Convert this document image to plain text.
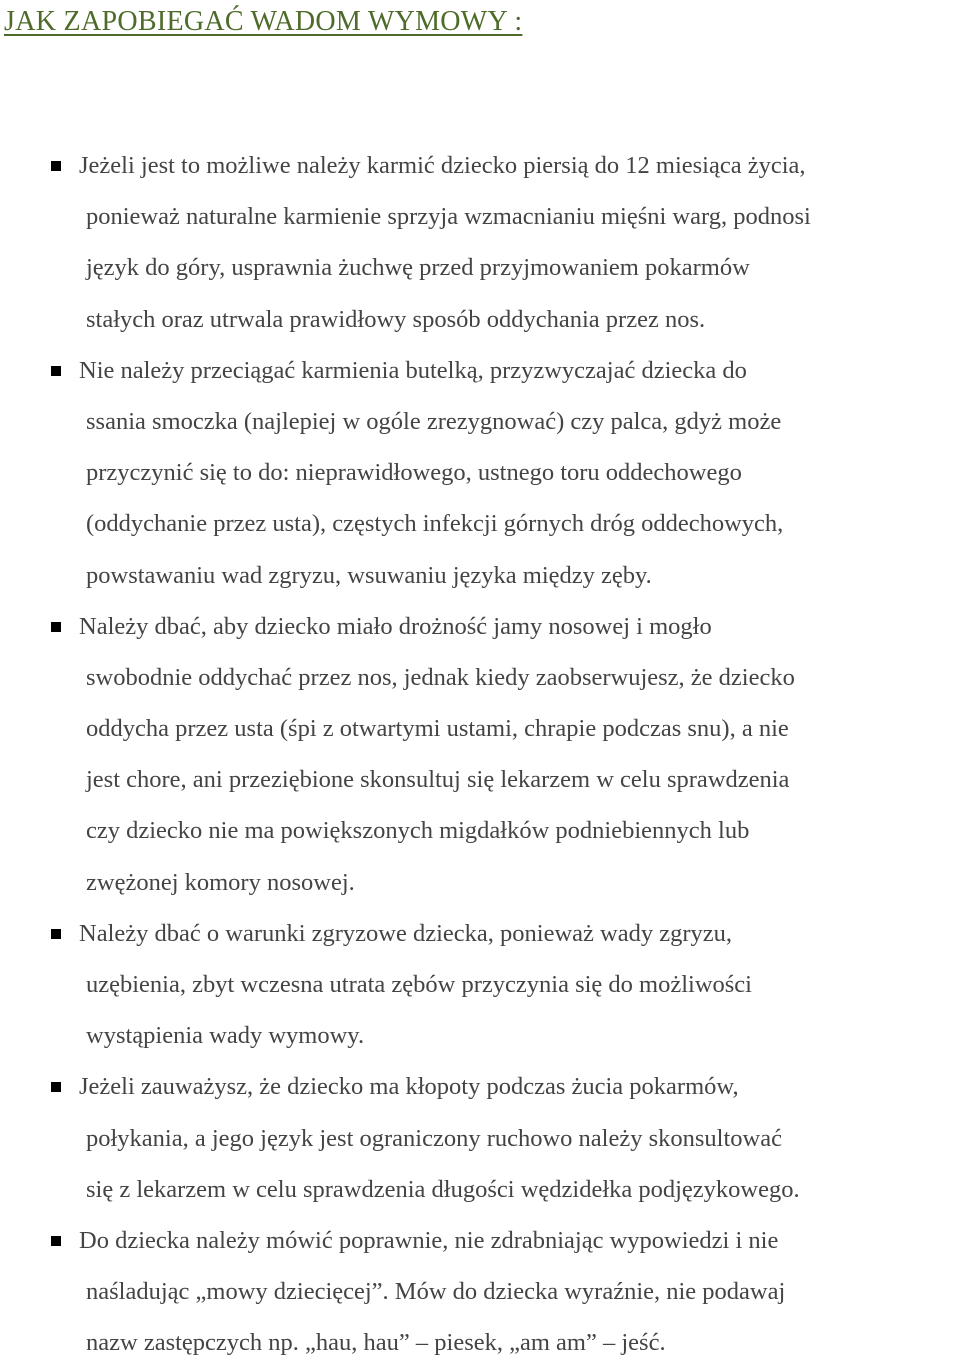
JAK ZAPOBIEGAĆ WADOM WYMOWY :
Jeżeli jest to możliwe należy karmić dziecko piersią do 12 miesiąca życia,
ponieważ naturalne karmienie sprzyja wzmacnianiu mięśni warg, podnosi
język do góry, usprawnia żuchwę przed przyjmowaniem pokarmów
stałych oraz utrwala prawidłowy sposób oddychania przez nos.
Nie należy przeciągać karmienia butelką, przyzwyczajać dziecka do
ssania smoczka (najlepiej w ogóle zrezygnować) czy palca, gdyż może
przyczynić się to do: nieprawidłowego, ustnego toru oddechowego
(oddychanie przez usta), częstych infekcji górnych dróg oddechowych,
powstawaniu wad zgryzu, wsuwaniu języka między zęby.
Należy dbać, aby dziecko miało drożność jamy nosowej i mogło
swobodnie oddychać przez nos, jednak kiedy zaobserwujesz, że dziecko
oddycha przez usta (śpi z otwartymi ustami, chrapie podczas snu), a nie
jest chore, ani przeziębione skonsultuj się lekarzem w celu sprawdzenia
czy dziecko nie ma powiększonych migdałków podniebiennych lub
zwężonej komory nosowej.
Należy dbać o warunki zgryzowe dziecka, ponieważ wady zgryzu,
uzębienia, zbyt wczesna utrata zębów przyczynia się do możliwości
wystąpienia wady wymowy.
Jeżeli zauważysz, że dziecko ma kłopoty podczas żucia pokarmów,
połykania, a jego język jest ograniczony ruchowo należy skonsultować
się z lekarzem w celu sprawdzenia długości wędzidełka podjęzykowego.
Do dziecka należy mówić poprawnie, nie zdrabniając wypowiedzi i nie
naśladując „mowy dziecięcej”. Mów do dziecka wyraźnie, nie podawaj
nazw zastępczych np. „hau, hau” – piesek, „am am” – jeść.
